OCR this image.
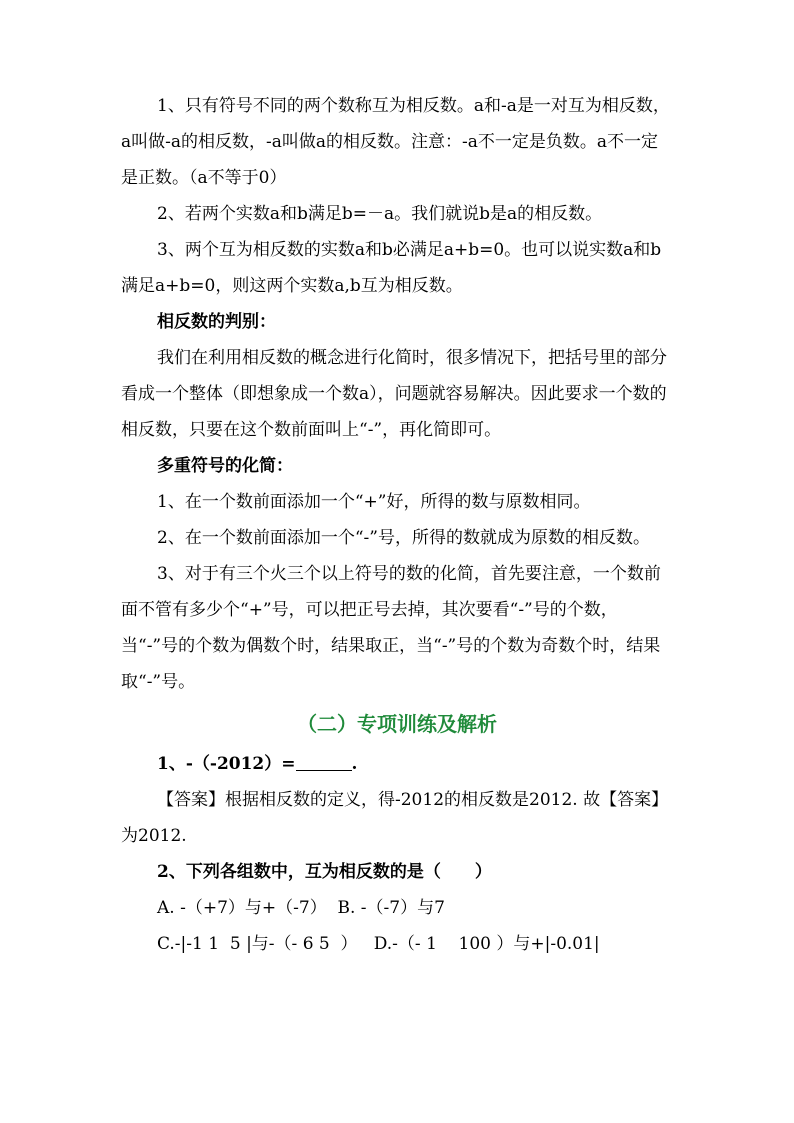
1、只有符号不同的两个数称互为相反数。a和-a是一对互为相反数，a叫做-a的相反数，-a叫做a的相反数。注意：-a不一定是负数。a不一定是正数。（a不等于0）

2、若两个实数a和b满足b=－a。我们就说b是a的相反数。

3、两个互为相反数的实数a和b必满足a+b=0。也可以说实数a和b满足a+b=0，则这两个实数a,b互为相反数。

相反数的判别：

我们在利用相反数的概念进行化简时，很多情况下，把括号里的部分看成一个整体（即想象成一个数a），问题就容易解决。因此要求一个数的相反数，只要在这个数前面叫上“-”，再化简即可。

多重符号的化简：

1、在一个数前面添加一个“+”好，所得的数与原数相同。

2、在一个数前面添加一个“-”号，所得的数就成为原数的相反数。

3、对于有三个火三个以上符号的数的化简，首先要注意，一个数前面不管有多少个“+”号，可以把正号去掉，其次要看“-”号的个数，当“-”号的个数为偶数个时，结果取正，当“-”号的个数为奇数个时，结果取“-”号。

（二）专项训练及解析

1、-（-2012）=	.

【答案】根据相反数的定义，得-2012的相反数是2012. 故【答案】为2012.

2、下列各组数中，互为相反数的是（　　）

A. -（+7）与+（-7）  B. -（-7）与7

C.-|-1 1  5 |与-（- 6 5  ）   D.-（- 1    100 ）与+|-0.01|
